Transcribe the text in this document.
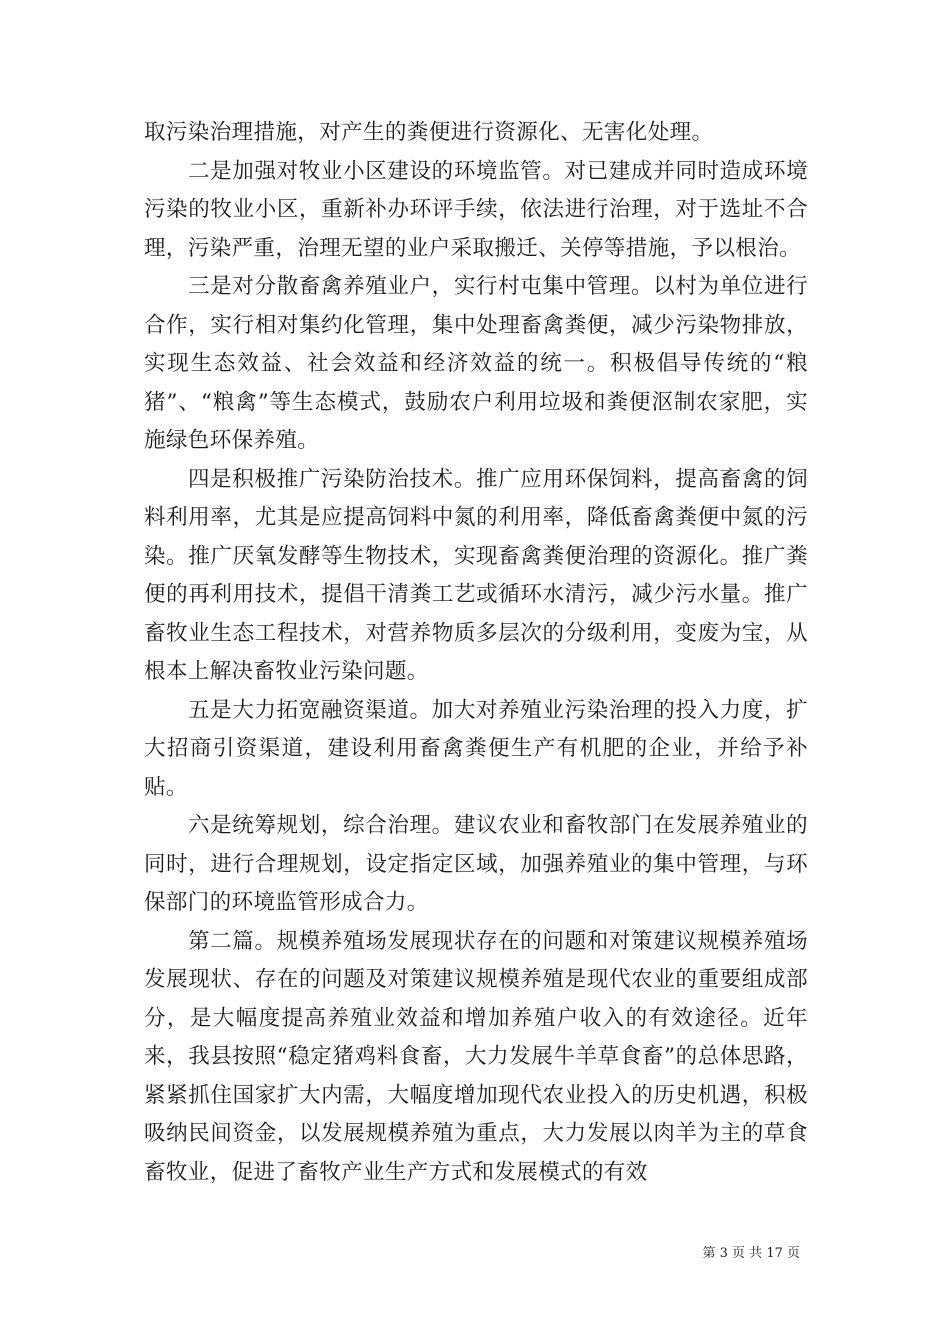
取污染治理措施，对产生的粪便进行资源化、无害化处理。

二是加强对牧业小区建设的环境监管。对已建成并同时造成环境污染的牧业小区，重新补办环评手续，依法进行治理，对于选址不合理，污染严重，治理无望的业户采取搬迁、关停等措施，予以根治。

三是对分散畜禽养殖业户，实行村屯集中管理。以村为单位进行合作，实行相对集约化管理，集中处理畜禽粪便，减少污染物排放，实现生态效益、社会效益和经济效益的统一。积极倡导传统的“粮猪”、“粮禽”等生态模式，鼓励农户利用垃圾和粪便沤制农家肥，实施绿色环保养殖。

四是积极推广污染防治技术。推广应用环保饲料，提高畜禽的饲料利用率，尤其是应提高饲料中氮的利用率，降低畜禽粪便中氮的污染。推广厌氧发酵等生物技术，实现畜禽粪便治理的资源化。推广粪便的再利用技术，提倡干清粪工艺或循环水清污，减少污水量。推广畜牧业生态工程技术，对营养物质多层次的分级利用，变废为宝，从根本上解决畜牧业污染问题。

五是大力拓宽融资渠道。加大对养殖业污染治理的投入力度，扩大招商引资渠道，建设利用畜禽粪便生产有机肥的企业，并给予补贴。

六是统筹规划，综合治理。建议农业和畜牧部门在发展养殖业的同时，进行合理规划，设定指定区域，加强养殖业的集中管理，与环保部门的环境监管形成合力。

第二篇。规模养殖场发展现状存在的问题和对策建议规模养殖场发展现状、存在的问题及对策建议规模养殖是现代农业的重要组成部分，是大幅度提高养殖业效益和增加养殖户收入的有效途径。近年来，我县按照“稳定猪鸡料食畜，大力发展牛羊草食畜”的总体思路，紧紧抓住国家扩大内需，大幅度增加现代农业投入的历史机遇，积极吸纳民间资金，以发展规模养殖为重点，大力发展以肉羊为主的草食畜牧业，促进了畜牧产业生产方式和发展模式的有效

第 3 页 共 17 页
